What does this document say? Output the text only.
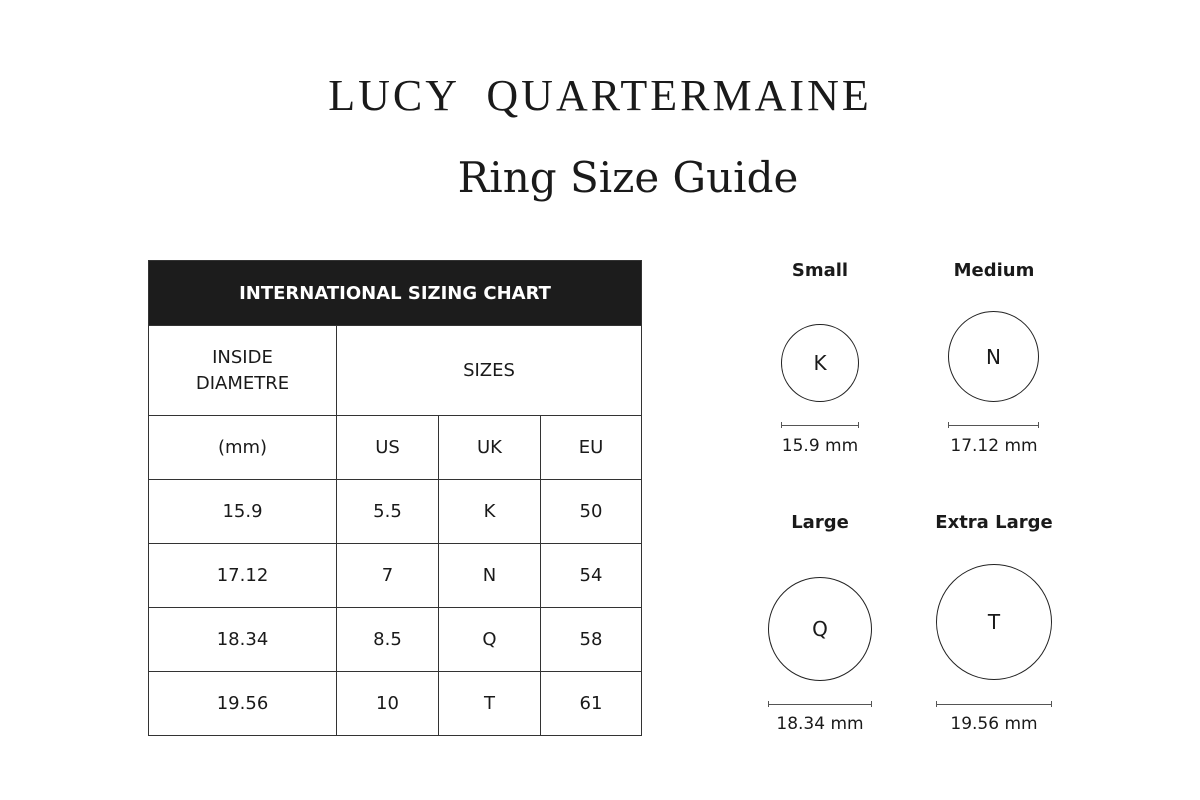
LUCY  QUARTERMAINE
Ring Size Guide
INTERNATIONAL SIZING CHART			
INSIDE
DIAMETRE	SIZES		
(mm)	US	UK	EU
15.9	5.5	K	50
17.12	7	N	54
18.34	8.5	Q	58
19.56	10	T	61
Small
K
15.9 mm
Medium
N
17.12 mm
Large
Q
18.34 mm
Extra Large
T
19.56 mm
